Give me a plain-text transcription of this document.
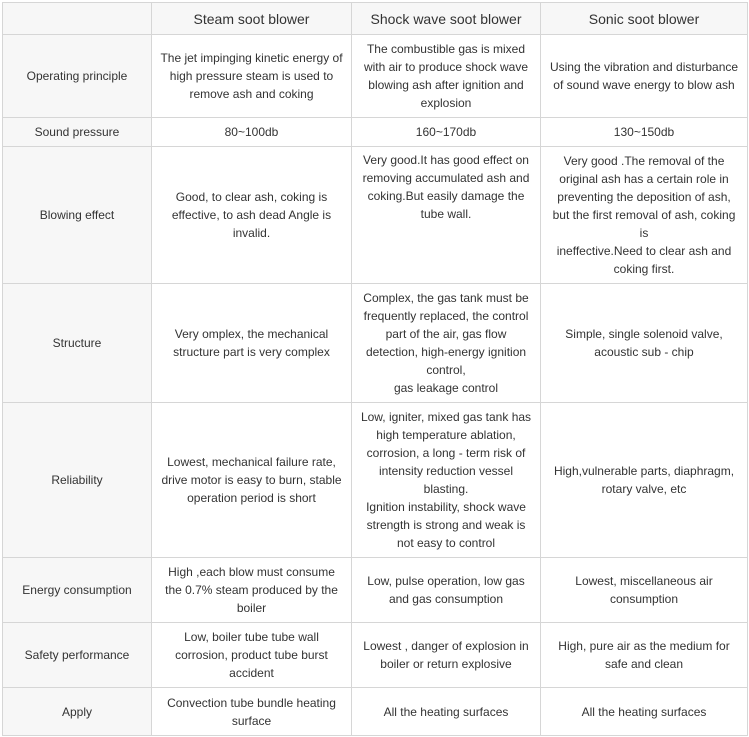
	Steam soot blower	Shock wave soot blower	Sonic soot blower
Operating principle	The jet impinging kinetic energy of high pressure steam is used to remove ash and coking	The combustible gas is mixed with air to produce shock wave blowing ash after ignition and explosion	Using the vibration and disturbance of sound wave energy to blow ash

Sound pressure	80~100db	160~170db	130~150db

Blowing effect	Good, to clear ash, coking is effective, to ash dead Angle is invalid.	Very good.It has good effect on removing accumulated ash and coking.But easily damage the tube wall.	Very good .The removal of the original ash has a certain role in preventing the deposition of ash, but the first removal of ash, coking is
ineffective.Need to clear ash and coking first.

Structure	Very omplex, the mechanical structure part is very complex	Complex, the gas tank must be frequently replaced, the control part of the air, gas flow detection, high-energy ignition control,
gas leakage control	Simple, single solenoid valve, acoustic sub - chip

Reliability	Lowest, mechanical failure rate, drive motor is easy to burn, stable operation period is short	Low, igniter, mixed gas tank has high temperature ablation, corrosion, a long - term risk of intensity reduction vessel blasting.
Ignition instability, shock wave strength is strong and weak is not easy to control	High,vulnerable parts, diaphragm, rotary valve, etc

Energy consumption	High ,each blow must consume the 0.7% steam produced by the boiler	Low, pulse operation, low gas and gas consumption	Lowest, miscellaneous air consumption

Safety performance	Low, boiler tube tube wall corrosion, product tube burst accident	Lowest , danger of explosion in boiler or return explosive	High, pure air as the medium for safe and clean

Apply	Convection tube bundle heating surface	All the heating surfaces	All the heating surfaces
